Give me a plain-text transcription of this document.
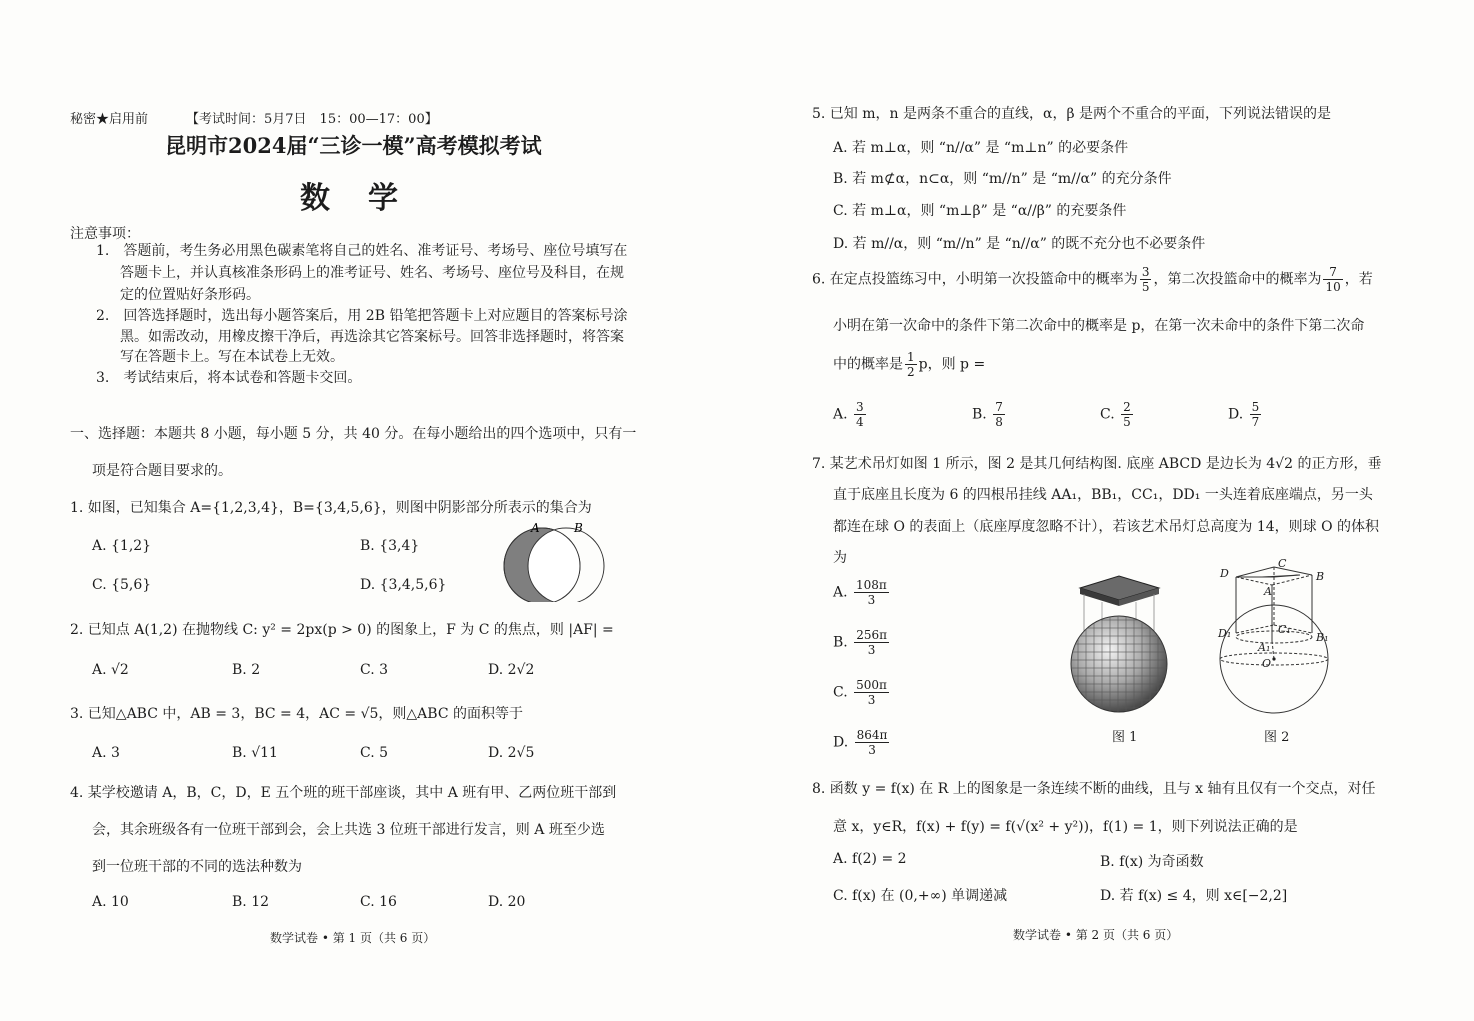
秘密★启用前	【考试时间：5月7日　15：00—17：00】
昆明市2024届“三诊一模”高考模拟考试
数　学
注意事项：
1.　答题前，考生务必用黑色碳素笔将自己的姓名、准考证号、考场号、座位号填写在
答题卡上，并认真核准条形码上的准考证号、姓名、考场号、座位号及科目，在规
定的位置贴好条形码。
2.　回答选择题时，选出每小题答案后，用 2B 铅笔把答题卡上对应题目的答案标号涂
黑。如需改动，用橡皮擦干净后，再选涂其它答案标号。回答非选择题时，将答案
写在答题卡上。写在本试卷上无效。
3.　考试结束后，将本试卷和答题卡交回。
一、选择题：本题共 8 小题，每小题 5 分，共 40 分。在每小题给出的四个选项中，只有一
项是符合题目要求的。
1. 如图，已知集合 A={1,2,3,4}，B={3,4,5,6}，则图中阴影部分所表示的集合为
A. {1,2}	B. {3,4}
C. {5,6}	D. {3,4,5,6}
A	B
2. 已知点 A(1,2) 在抛物线 C: y² = 2px(p > 0) 的图象上，F 为 C 的焦点，则 |AF| =
A. √2	B. 2	C. 3	D. 2√2
3. 已知△ABC 中，AB = 3，BC = 4，AC = √5，则△ABC 的面积等于
A. 3	B. √11	C. 5	D. 2√5
4. 某学校邀请 A，B，C，D，E 五个班的班干部座谈，其中 A 班有甲、乙两位班干部到
会，其余班级各有一位班干部到会，会上共选 3 位班干部进行发言，则 A 班至少选
到一位班干部的不同的选法种数为
A. 10	B. 12	C. 16	D. 20
数学试卷 • 第 1 页（共 6 页）
5. 已知 m，n 是两条不重合的直线，α，β 是两个不重合的平面，下列说法错误的是
A. 若 m⊥α，则 “n//α” 是 “m⊥n” 的必要条件
B. 若 m⊄α，n⊂α，则 “m//n” 是 “m//α” 的充分条件
C. 若 m⊥α，则 “m⊥β” 是 “α//β” 的充要条件
D. 若 m//α，则 “m//n” 是 “n//α” 的既不充分也不必要条件
6. 在定点投篮练习中，小明第一次投篮命中的概率为 $\frac{3}{5}$ ，第二次投篮命中的概率为 $\frac{7}{10}$ ，若
小明在第一次命中的条件下第二次命中的概率是 p，在第一次未命中的条件下第二次命
中的概率是 $\frac{1}{2}$ p，则 p =
A. $\frac{3}{4}$	B. $\frac{7}{8}$	C. $\frac{2}{5}$	D. $\frac{5}{7}$
7. 某艺术吊灯如图 1 所示，图 2 是其几何结构图. 底座 ABCD 是边长为 4√2 的正方形，垂
直于底座且长度为 6 的四根吊挂线 AA₁，BB₁，CC₁，DD₁ 一头连着底座端点，另一头
都连在球 O 的表面上（底座厚度忽略不计），若该艺术吊灯总高度为 14，则球 O 的体积
为
A. $\frac{108\pi}{3}$
B. $\frac{256\pi}{3}$
C. $\frac{500\pi}{3}$
D. $\frac{864\pi}{3}$	图 1
D
C
B
A
D₁	C₁
B₁
A₁
O
图 2
8. 函数 y = f(x) 在 R 上的图象是一条连续不断的曲线，且与 x 轴有且仅有一个交点，对任
意 x，y∈R，f(x) + f(y) = f(√(x² + y²))，f(1) = 1，则下列说法正确的是
A. f(2) = 2	B. f(x) 为奇函数
C. f(x) 在 (0,+∞) 单调递减	D. 若 f(x) ≤ 4，则 x∈[−2,2]
数学试卷 • 第 2 页（共 6 页）
